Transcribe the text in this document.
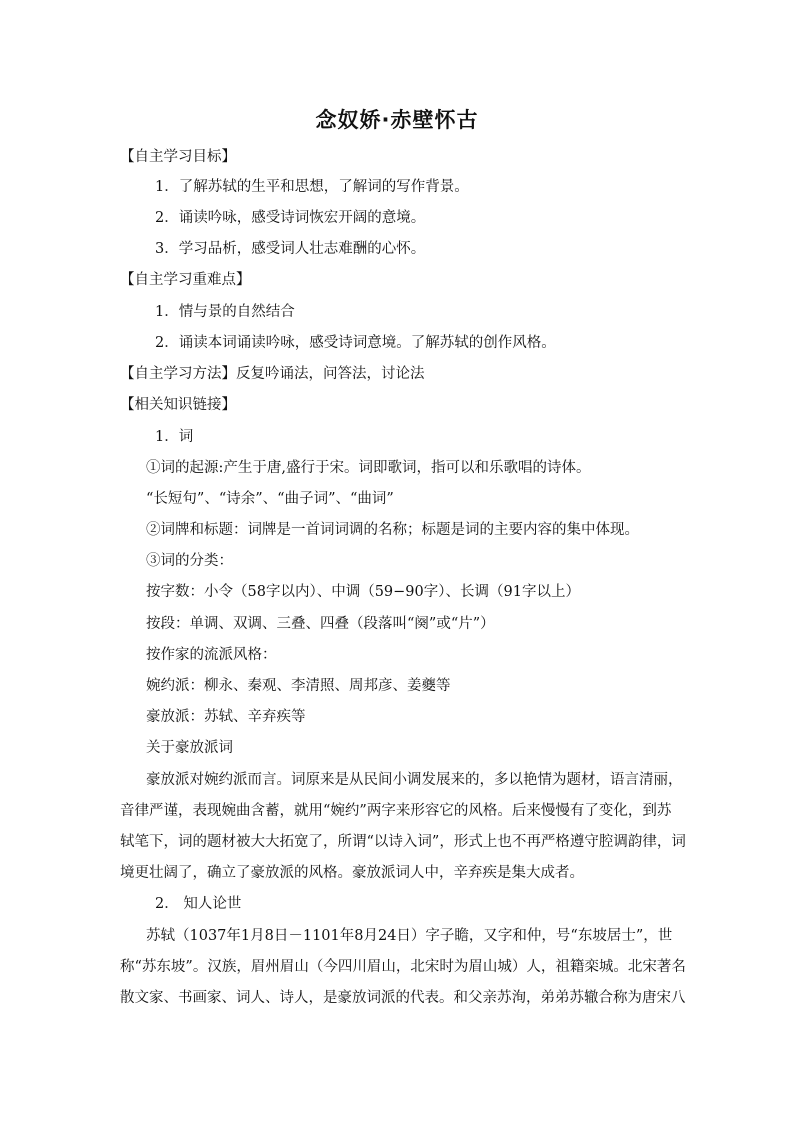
念奴娇·赤壁怀古
【自主学习目标】
1．了解苏轼的生平和思想，了解词的写作背景。
2．诵读吟咏，感受诗词恢宏开阔的意境。
3．学习品析，感受词人壮志难酬的心怀。
【自主学习重难点】
1．情与景的自然结合
2．诵读本词诵读吟咏，感受诗词意境。了解苏轼的创作风格。
【自主学习方法】反复吟诵法，问答法，讨论法
【相关知识链接】
1．词
①词的起源:产生于唐,盛行于宋。词即歌词，指可以和乐歌唱的诗体。
“长短句”、“诗余”、“曲子词”、“曲词”
②词牌和标题：词牌是一首词词调的名称；标题是词的主要内容的集中体现。
③词的分类：
按字数：小令（58字以内）、中调（59−90字）、长调（91字以上）
按段：单调、双调、三叠、四叠（段落叫“阕”或“片”）
按作家的流派风格：
婉约派：柳永、秦观、李清照、周邦彦、姜夔等
豪放派：苏轼、辛弃疾等
关于豪放派词
豪放派对婉约派而言。词原来是从民间小调发展来的，多以艳情为题材，语言清丽，
音律严谨，表现婉曲含蓄，就用“婉约”两字来形容它的风格。后来慢慢有了变化，到苏
轼笔下，词的题材被大大拓宽了，所谓“以诗入词”，形式上也不再严格遵守腔调韵律，词
境更壮阔了，确立了豪放派的风格。豪放派词人中，辛弃疾是集大成者。
2． 知人论世
苏轼（1037年1月8日－1101年8月24日）字子瞻，又字和仲，号“东坡居士”，世
称“苏东坡”。汉族，眉州眉山（今四川眉山，北宋时为眉山城）人，祖籍栾城。北宋著名
散文家、书画家、词人、诗人，是豪放词派的代表。和父亲苏洵，弟弟苏辙合称为唐宋八
